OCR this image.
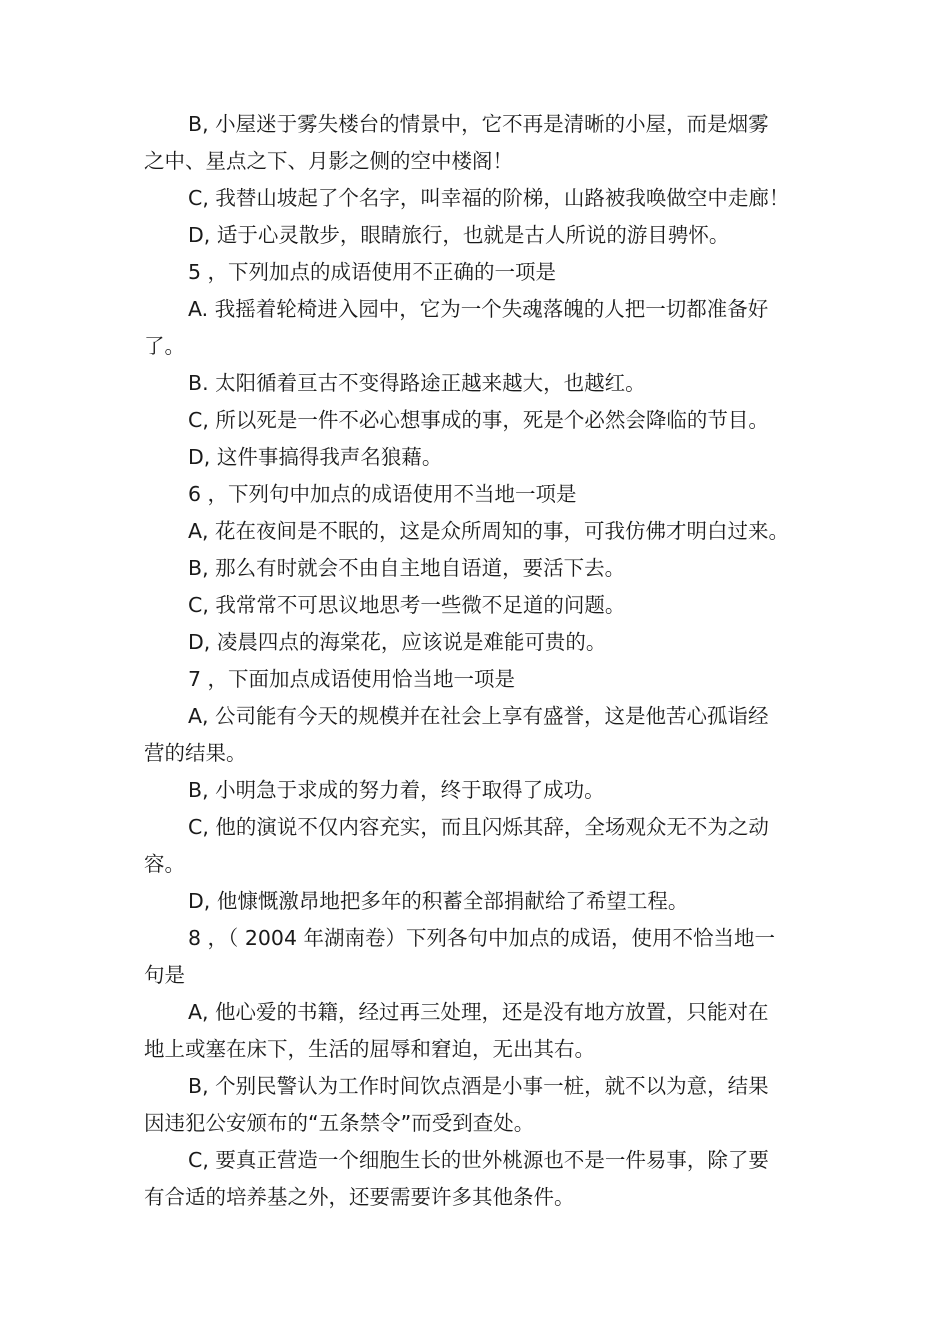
B, 小屋迷于雾失楼台的情景中，它不再是清晰的小屋，而是烟雾
之中、星点之下、月影之侧的空中楼阁！
C, 我替山坡起了个名字，叫幸福的阶梯，山路被我唤做空中走廊！
D, 适于心灵散步，眼睛旅行，也就是古人所说的游目骋怀。
5 ，下列加点的成语使用不正确的一项是
A. 我摇着轮椅进入园中，它为一个失魂落魄的人把一切都准备好
了。
B. 太阳循着亘古不变得路途正越来越大，也越红。
C, 所以死是一件不必心想事成的事，死是个必然会降临的节目。
D, 这件事搞得我声名狼藉。
6 ，下列句中加点的成语使用不当地一项是
A, 花在夜间是不眠的，这是众所周知的事，可我仿佛才明白过来。
B, 那么有时就会不由自主地自语道，要活下去。
C, 我常常不可思议地思考一些微不足道的问题。
D, 凌晨四点的海棠花，应该说是难能可贵的。
7 ，下面加点成语使用恰当地一项是
A, 公司能有今天的规模并在社会上享有盛誉，这是他苦心孤诣经
营的结果。
B, 小明急于求成的努力着，终于取得了成功。
C, 他的演说不仅内容充实，而且闪烁其辞，全场观众无不为之动
容。
D, 他慷慨激昂地把多年的积蓄全部捐献给了希望工程。
8 ，（ 2004 年湖南卷）下列各句中加点的成语，使用不恰当地一
句是
A, 他心爱的书籍，经过再三处理，还是没有地方放置，只能对在
地上或塞在床下，生活的屈辱和窘迫，无出其右。
B, 个别民警认为工作时间饮点酒是小事一桩，就不以为意，结果
因违犯公安颁布的“五条禁令”而受到查处。
C, 要真正营造一个细胞生长的世外桃源也不是一件易事，除了要
有合适的培养基之外，还要需要许多其他条件。
